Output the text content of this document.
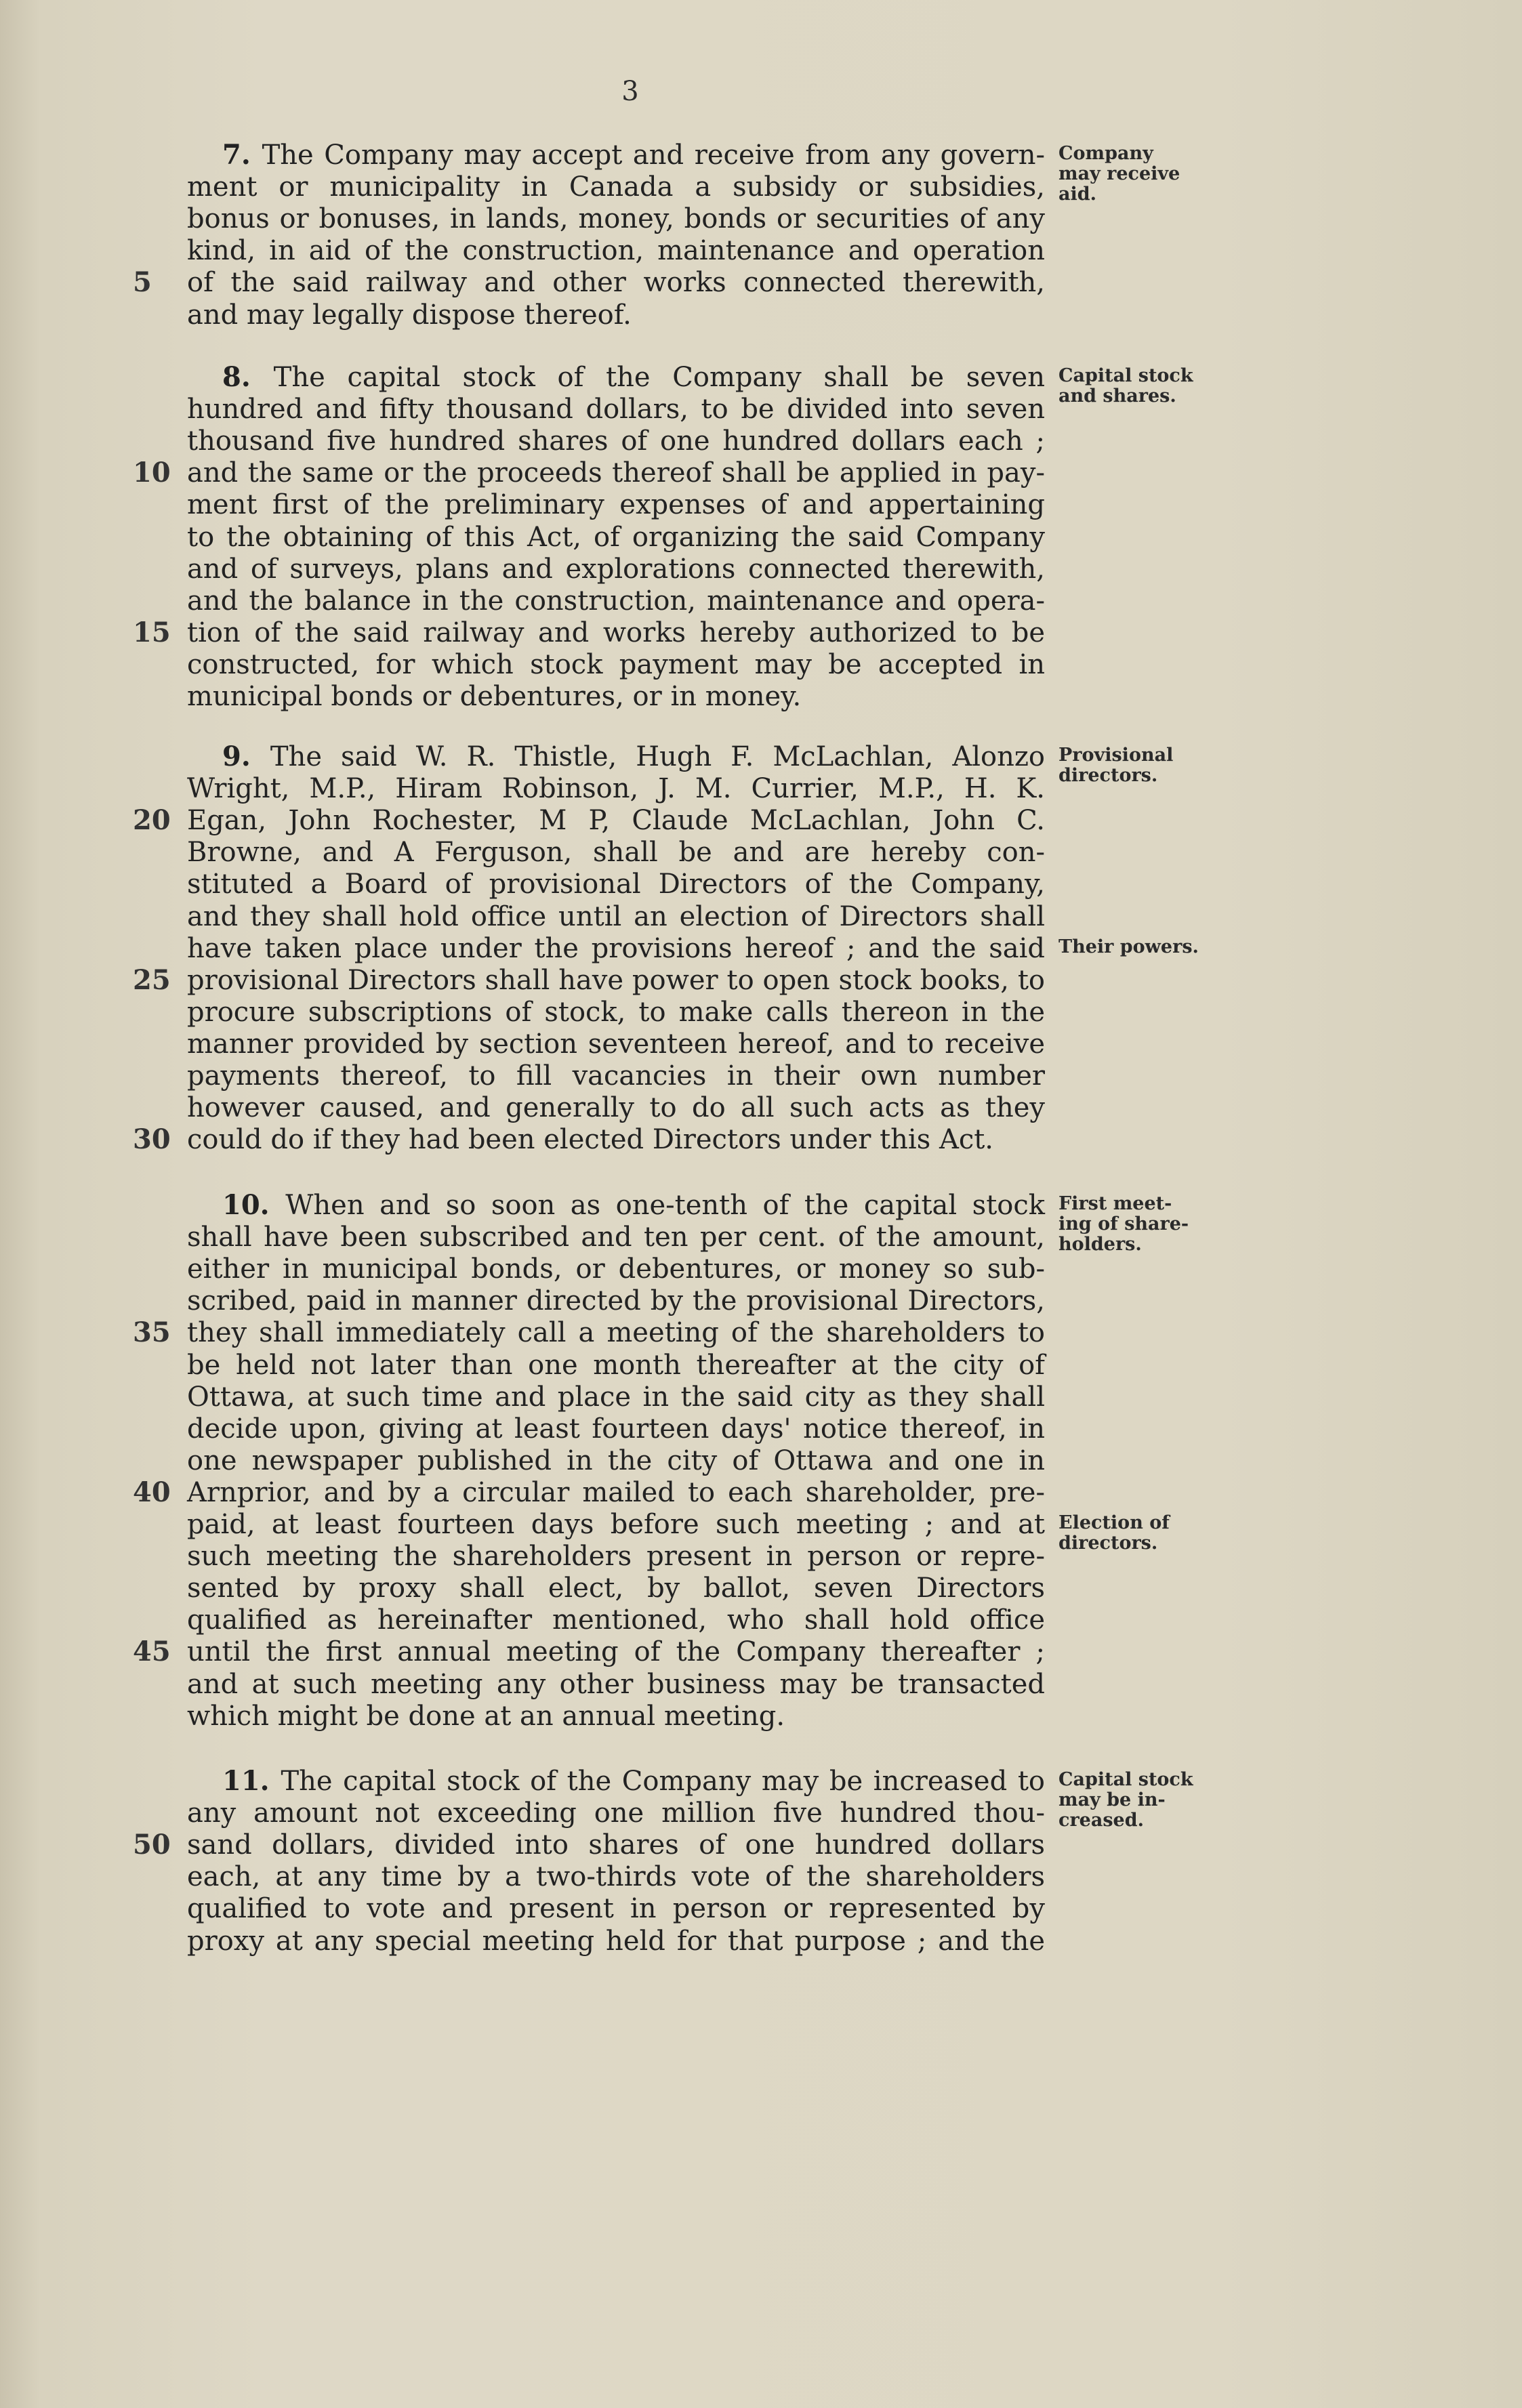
3
7. The Company may accept and receive from any govern-
ment or municipality in Canada a subsidy or subsidies,
bonus or bonuses, in lands, money, bonds or securities of any
kind, in aid of the construction, maintenance and operation
of the said railway and other works connected therewith,
and may legally dispose thereof.
5
Company
may receive
aid.
8. The capital stock of the Company shall be seven
hundred and fifty thousand dollars, to be divided into seven
thousand five hundred shares of one hundred dollars each ;
and the same or the proceeds thereof shall be applied in pay-
ment first of the preliminary expenses of and appertaining
to the obtaining of this Act, of organizing the said Company
and of surveys, plans and explorations connected therewith,
and the balance in the construction, maintenance and opera-
tion of the said railway and works hereby authorized to be
constructed, for which stock payment may be accepted in
municipal bonds or debentures, or in money.
10
15
Capital stock
and shares.
9. The said W. R. Thistle, Hugh F. McLachlan, Alonzo
Wright, M.P., Hiram Robinson, J. M. Currier, M.P., H. K.
Egan, John Rochester, M P, Claude McLachlan, John C.
Browne, and A Ferguson, shall be and are hereby con-
stituted a Board of provisional Directors of the Company,
and they shall hold office until an election of Directors shall
have taken place under the provisions hereof ; and the said
provisional Directors shall have power to open stock books, to
procure subscriptions of stock, to make calls thereon in the
manner provided by section seventeen hereof, and to receive
payments thereof, to fill vacancies in their own number
however caused, and generally to do all such acts as they
could do if they had been elected Directors under this Act.
20
25
30
Provisional
directors.
Their powers.
10. When and so soon as one-tenth of the capital stock
shall have been subscribed and ten per cent. of the amount,
either in municipal bonds, or debentures, or money so sub-
scribed, paid in manner directed by the provisional Directors,
they shall immediately call a meeting of the shareholders to
be held not later than one month thereafter at the city of
Ottawa, at such time and place in the said city as they shall
decide upon, giving at least fourteen days' notice thereof, in
one newspaper published in the city of Ottawa and one in
Arnprior, and by a circular mailed to each shareholder, pre-
paid, at least fourteen days before such meeting ; and at
such meeting the shareholders present in person or repre-
sented by proxy shall elect, by ballot, seven Directors
qualified as hereinafter mentioned, who shall hold office
until the first annual meeting of the Company thereafter ;
and at such meeting any other business may be transacted
which might be done at an annual meeting.
35
40
45
First meet-
ing of share-
holders.
Election of
directors.
11. The capital stock of the Company may be increased to
any amount not exceeding one million five hundred thou-
sand dollars, divided into shares of one hundred dollars
each, at any time by a two-thirds vote of the shareholders
qualified to vote and present in person or represented by
proxy at any special meeting held for that purpose ; and the
50
Capital stock
may be in-
creased.
